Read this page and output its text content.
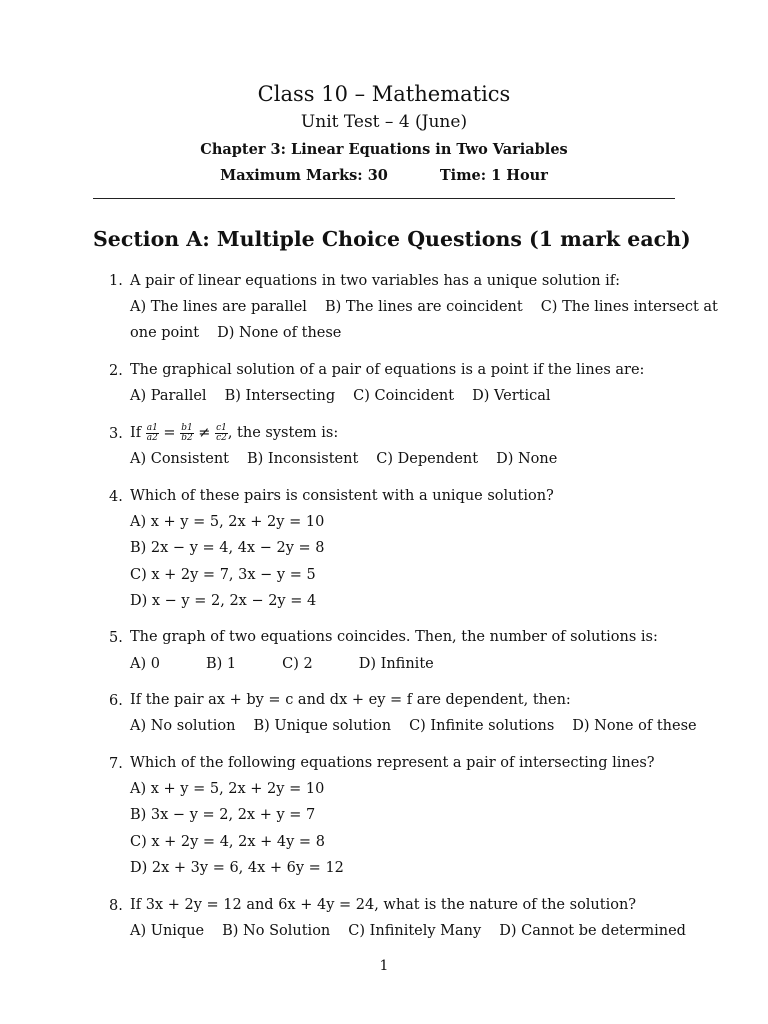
Class 10 – Mathematics
Unit Test – 4 (June)
Chapter 3: Linear Equations in Two Variables
Maximum Marks: 30	Time: 1 Hour
Section A: Multiple Choice Questions (1 mark each)
1. A pair of linear equations in two variables has a unique solution if:
A) The lines are parallel B) The lines are coincident C) The lines intersect at
one point D) None of these
2. The graphical solution of a pair of equations is a point if the lines are:
A) Parallel B) Intersecting C) Coincident D) Vertical
3. If $\frac{a1}{a2} = \frac{b1}{b2} \ne \frac{c1}{c2}$ , the system is:
A) Consistent B) Inconsistent C) Dependent D) None
4. Which of these pairs is consistent with a unique solution?
A) x + y = 5, 2x + 2y = 10
B) 2x − y = 4, 4x − 2y = 8
C) x + 2y = 7, 3x − y = 5
D) x − y = 2, 2x − 2y = 4
5. The graph of two equations coincides. Then, the number of solutions is:
A) 0	B) 1	C) 2	D) Infinite
6. If the pair ax + by = c and dx + ey = f are dependent, then:
A) No solution B) Unique solution C) Infinite solutions D) None of these
7. Which of the following equations represent a pair of intersecting lines?
A) x + y = 5, 2x + 2y = 10
B) 3x − y = 2, 2x + y = 7
C) x + 2y = 4, 2x + 4y = 8
D) 2x + 3y = 6, 4x + 6y = 12
8. If 3x + 2y = 12 and 6x + 4y = 24, what is the nature of the solution?
A) Unique B) No Solution C) Infinitely Many D) Cannot be determined
1
